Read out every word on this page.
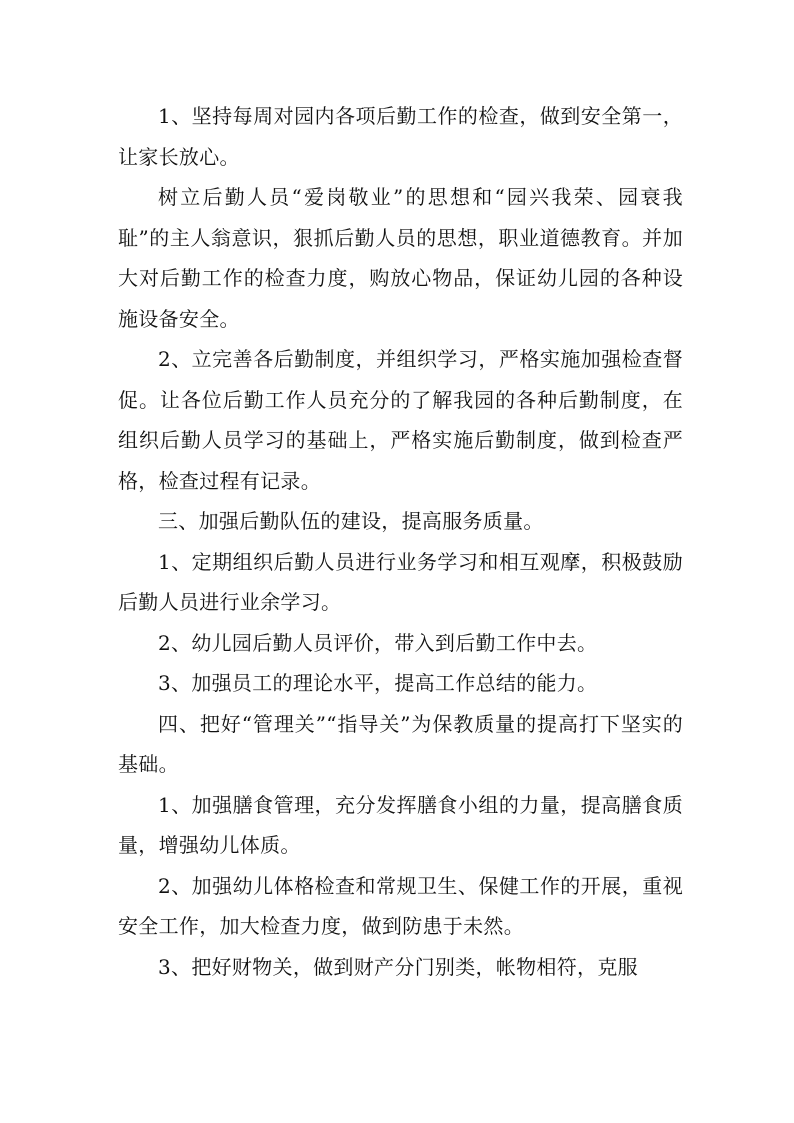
1、坚持每周对园内各项后勤工作的检查，做到安全第一，让家长放心。

树立后勤人员“爱岗敬业”的思想和“园兴我荣、园衰我耻”的主人翁意识，狠抓后勤人员的思想，职业道德教育。并加大对后勤工作的检查力度，购放心物品，保证幼儿园的各种设施设备安全。

2、立完善各后勤制度，并组织学习，严格实施加强检查督促。让各位后勤工作人员充分的了解我园的各种后勤制度，在组织后勤人员学习的基础上，严格实施后勤制度，做到检查严格，检查过程有记录。

三、加强后勤队伍的建设，提高服务质量。

1、定期组织后勤人员进行业务学习和相互观摩，积极鼓励后勤人员进行业余学习。

2、幼儿园后勤人员评价，带入到后勤工作中去。

3、加强员工的理论水平，提高工作总结的能力。

四、把好“管理关”“指导关”为保教质量的提高打下坚实的基础。

1、加强膳食管理，充分发挥膳食小组的力量，提高膳食质量，增强幼儿体质。

2、加强幼儿体格检查和常规卫生、保健工作的开展，重视安全工作，加大检查力度，做到防患于未然。

3、把好财物关，做到财产分门别类，帐物相符，克服
